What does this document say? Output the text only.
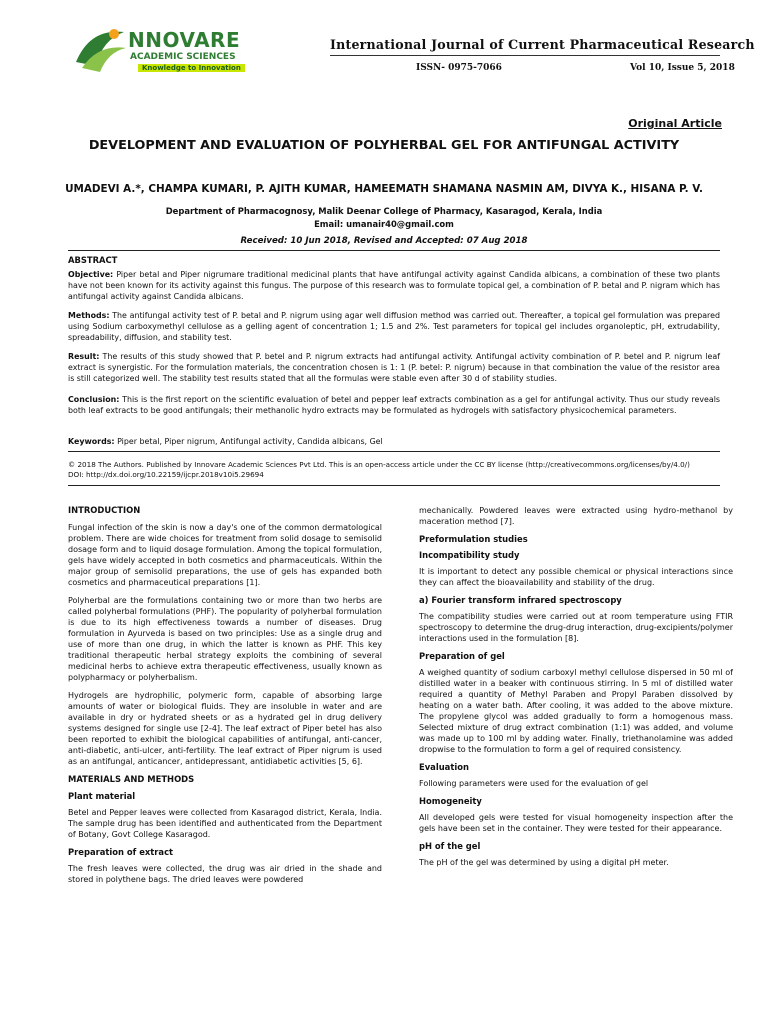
NNOVARE
ACADEMIC SCIENCES
Knowledge to Innovation
International Journal of Current Pharmaceutical Research
ISSN- 0975-7066	Vol 10, Issue 5, 2018
Original Article
DEVELOPMENT AND EVALUATION OF POLYHERBAL GEL FOR ANTIFUNGAL ACTIVITY
UMADEVI A.*, CHAMPA KUMARI, P. AJITH KUMAR, HAMEEMATH SHAMANA NASMIN AM, DIVYA K., HISANA P. V.
Department of Pharmacognosy, Malik Deenar College of Pharmacy, Kasaragod, Kerala, India
Email: umanair40@gmail.com
Received: 10 Jun 2018, Revised and Accepted: 07 Aug 2018
ABSTRACT
Objective: Piper betal and Piper nigrumare traditional medicinal plants that have antifungal activity against Candida albicans, a combination of these two plants have not been known for its activity against this fungus. The purpose of this research was to formulate topical gel, a combination of P. betal and P. nigram which has antifungal activity against Candida albicans.
Methods: The antifungal activity test of P. betal and P. nigrum using agar well diffusion method was carried out. Thereafter, a topical gel formulation was prepared using Sodium carboxymethyl cellulose as a gelling agent of concentration 1; 1.5 and 2%. Test parameters for topical gel includes organoleptic, pH, extrudability, spreadability, diffusion, and stability test.
Result: The results of this study showed that P. betel and P. nigrum extracts had antifungal activity. Antifungal activity combination of P. betel and P. nigrum leaf extract is synergistic. For the formulation materials, the concentration chosen is 1: 1 (P. betel: P. nigrum) because in that combination the value of the resistor area is still categorized well. The stability test results stated that all the formulas were stable even after 30 d of stability studies.
Conclusion: This is the first report on the scientific evaluation of betel and pepper leaf extracts combination as a gel for antifungal activity. Thus our study reveals both leaf extracts to be good antifungals; their methanolic hydro extracts may be formulated as hydrogels with satisfactory physicochemical parameters.
Keywords: Piper betal, Piper nigrum, Antifungal activity, Candida albicans, Gel
© 2018 The Authors. Published by Innovare Academic Sciences Pvt Ltd. This is an open-access article under the CC BY license (http://creativecommons.org/licenses/by/4.0/)
DOI: http://dx.doi.org/10.22159/ijcpr.2018v10i5.29694
INTRODUCTION

Fungal infection of the skin is now a day's one of the common dermatological problem. There are wide choices for treatment from solid dosage to semisolid dosage form and to liquid dosage formulation. Among the topical formulation, gels have widely accepted in both cosmetics and pharmaceuticals. Within the major group of semisolid preparations, the use of gels has expanded both cosmetics and pharmaceutical preparations [1].

Polyherbal are the formulations containing two or more than two herbs are called polyherbal formulations (PHF). The popularity of polyherbal formulation is due to its high effectiveness towards a number of diseases. Drug formulation in Ayurveda is based on two principles: Use as a single drug and use of more than one drug, in which the latter is known as PHF. This key traditional therapeutic herbal strategy exploits the combining of several medicinal herbs to achieve extra therapeutic effectiveness, usually known as polypharmacy or polyherbalism.

Hydrogels are hydrophilic, polymeric form, capable of absorbing large amounts of water or biological fluids. They are insoluble in water and are available in dry or hydrated sheets or as a hydrated gel in drug delivery systems designed for single use [2-4]. The leaf extract of Piper betel has also been reported to exhibit the biological capabilities of antifungal, anti-cancer, anti-diabetic, anti-ulcer, anti-fertility. The leaf extract of Piper nigrum is used as an antifungal, anticancer, antidepressant, antidiabetic activities [5, 6].

MATERIALS AND METHODS
Plant material

Betel and Pepper leaves were collected from Kasaragod district, Kerala, India. The sample drug has been identified and authenticated from the Department of Botany, Govt College Kasaragod.

Preparation of extract

The fresh leaves were collected, the drug was air dried in the shade and stored in polythene bags. The dried leaves were powdered

mechanically. Powdered leaves were extracted using hydro-methanol by maceration method [7].

Preformulation studies
Incompatibility study

It is important to detect any possible chemical or physical interactions since they can affect the bioavailability and stability of the drug.

a) Fourier transform infrared spectroscopy

The compatibility studies were carried out at room temperature using FTIR spectroscopy to determine the drug-drug interaction, drug-excipients/polymer interactions used in the formulation [8].

Preparation of gel

A weighed quantity of sodium carboxyl methyl cellulose dispersed in 50 ml of distilled water in a beaker with continuous stirring. In 5 ml of distilled water required a quantity of Methyl Paraben and Propyl Paraben dissolved by heating on a water bath. After cooling, it was added to the above mixture. The propylene glycol was added gradually to form a homogenous mass. Selected mixture of drug extract combination (1:1) was added, and volume was made up to 100 ml by adding water. Finally, triethanolamine was added dropwise to the formulation to form a gel of required consistency.

Evaluation

Following parameters were used for the evaluation of gel

Homogeneity

All developed gels were tested for visual homogeneity inspection after the gels have been set in the container. They were tested for their appearance.

pH of the gel

The pH of the gel was determined by using a digital pH meter.
